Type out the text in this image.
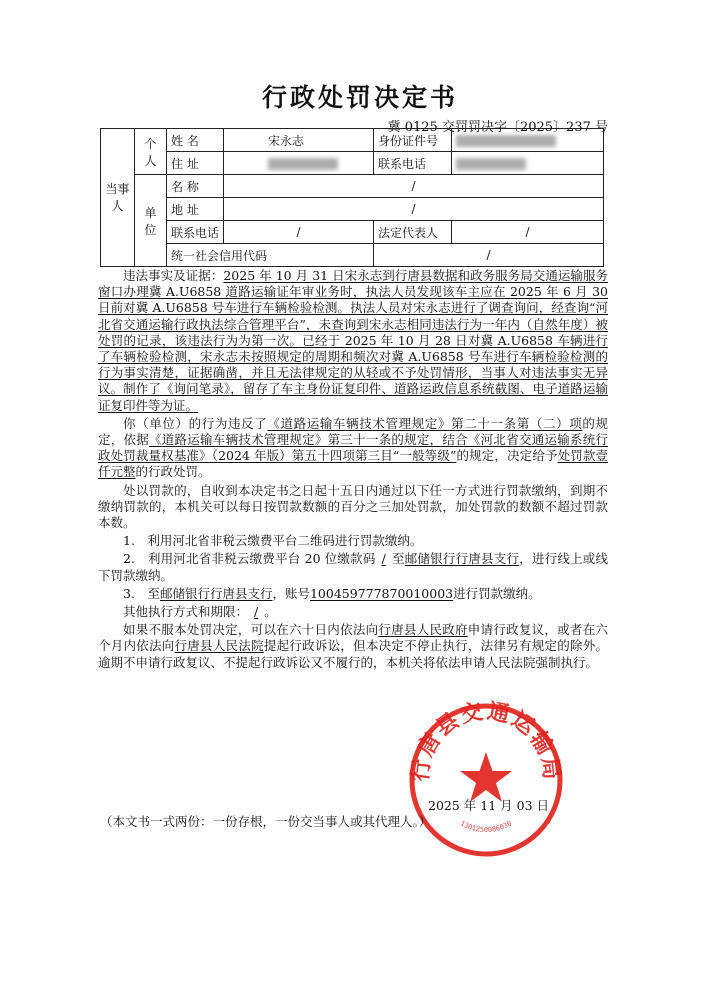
行政处罚决定书
冀 0125 交罚罚决字〔2025〕237 号
当事人	个人	姓 名	宋永志	身份证件号	
		住 址		联系电话	
	单位	名 称	/		
		地 址	/		
		联系电话	/	法定代表人	/
		统一社会信用代码		/	

违法事实及证据：2025 年 10 月 31 日宋永志到行唐县数据和政务服务局交通运输服务窗口办理冀 A.U6858 道路运输证年审业务时，执法人员发现该车主应在 2025 年 6 月 30 日前对冀 A.U6858 号车进行车辆检验检测。执法人员对宋永志进行了调查询问，经查询“河北省交通运输行政执法综合管理平台”，未查询到宋永志相同违法行为一年内（自然年度）被处罚的记录，该违法行为为第一次。已经于 2025 年 10 月 28 日对冀 A.U6858 车辆进行了车辆检验检测，宋永志未按照规定的周期和频次对冀 A.U6858 号车进行车辆检验检测的行为事实清楚，证据确凿，并且无法律规定的从轻或不予处罚情形，当事人对违法事实无异议。制作了《询问笔录》，留存了车主身份证复印件、道路运政信息系统截图、电子道路运输证复印件等为证。

你（单位）的行为违反了《道路运输车辆技术管理规定》第二十一条第（二）项的规定，依据《道路运输车辆技术管理规定》第三十一条的规定，结合《河北省交通运输系统行政处罚裁量权基准》（2024 年版）第五十四项第三目“一般等级”的规定，决定给予处罚款壹仟元整的行政处罚。

处以罚款的，自收到本决定书之日起十五日内通过以下任一方式进行罚款缴纳，到期不缴纳罚款的，本机关可以每日按罚款数额的百分之三加处罚款，加处罚款的数额不超过罚款本数。

1.　利用河北省非税云缴费平台二维码进行罚款缴纳。

2.　利用河北省非税云缴费平台 20 位缴款码 / 至邮储银行行唐县支行，进行线上或线下罚款缴纳。

3.　至邮储银行行唐县支行，账号100459777870010003进行罚款缴纳。

其他执行方式和期限： / 。

如果不服本处罚决定，可以在六十日内依法向行唐县人民政府申请行政复议，或者在六个月内依法向行唐县人民法院提起行政诉讼，但本决定不停止执行，法律另有规定的除外。逾期不申请行政复议、不提起行政诉讼又不履行的，本机关将依法申请人民法院强制执行。

行唐县交通运输局
1301250086030
2025 年 11 月 03 日
（本文书一式两份：一份存根，一份交当事人或其代理人。）
